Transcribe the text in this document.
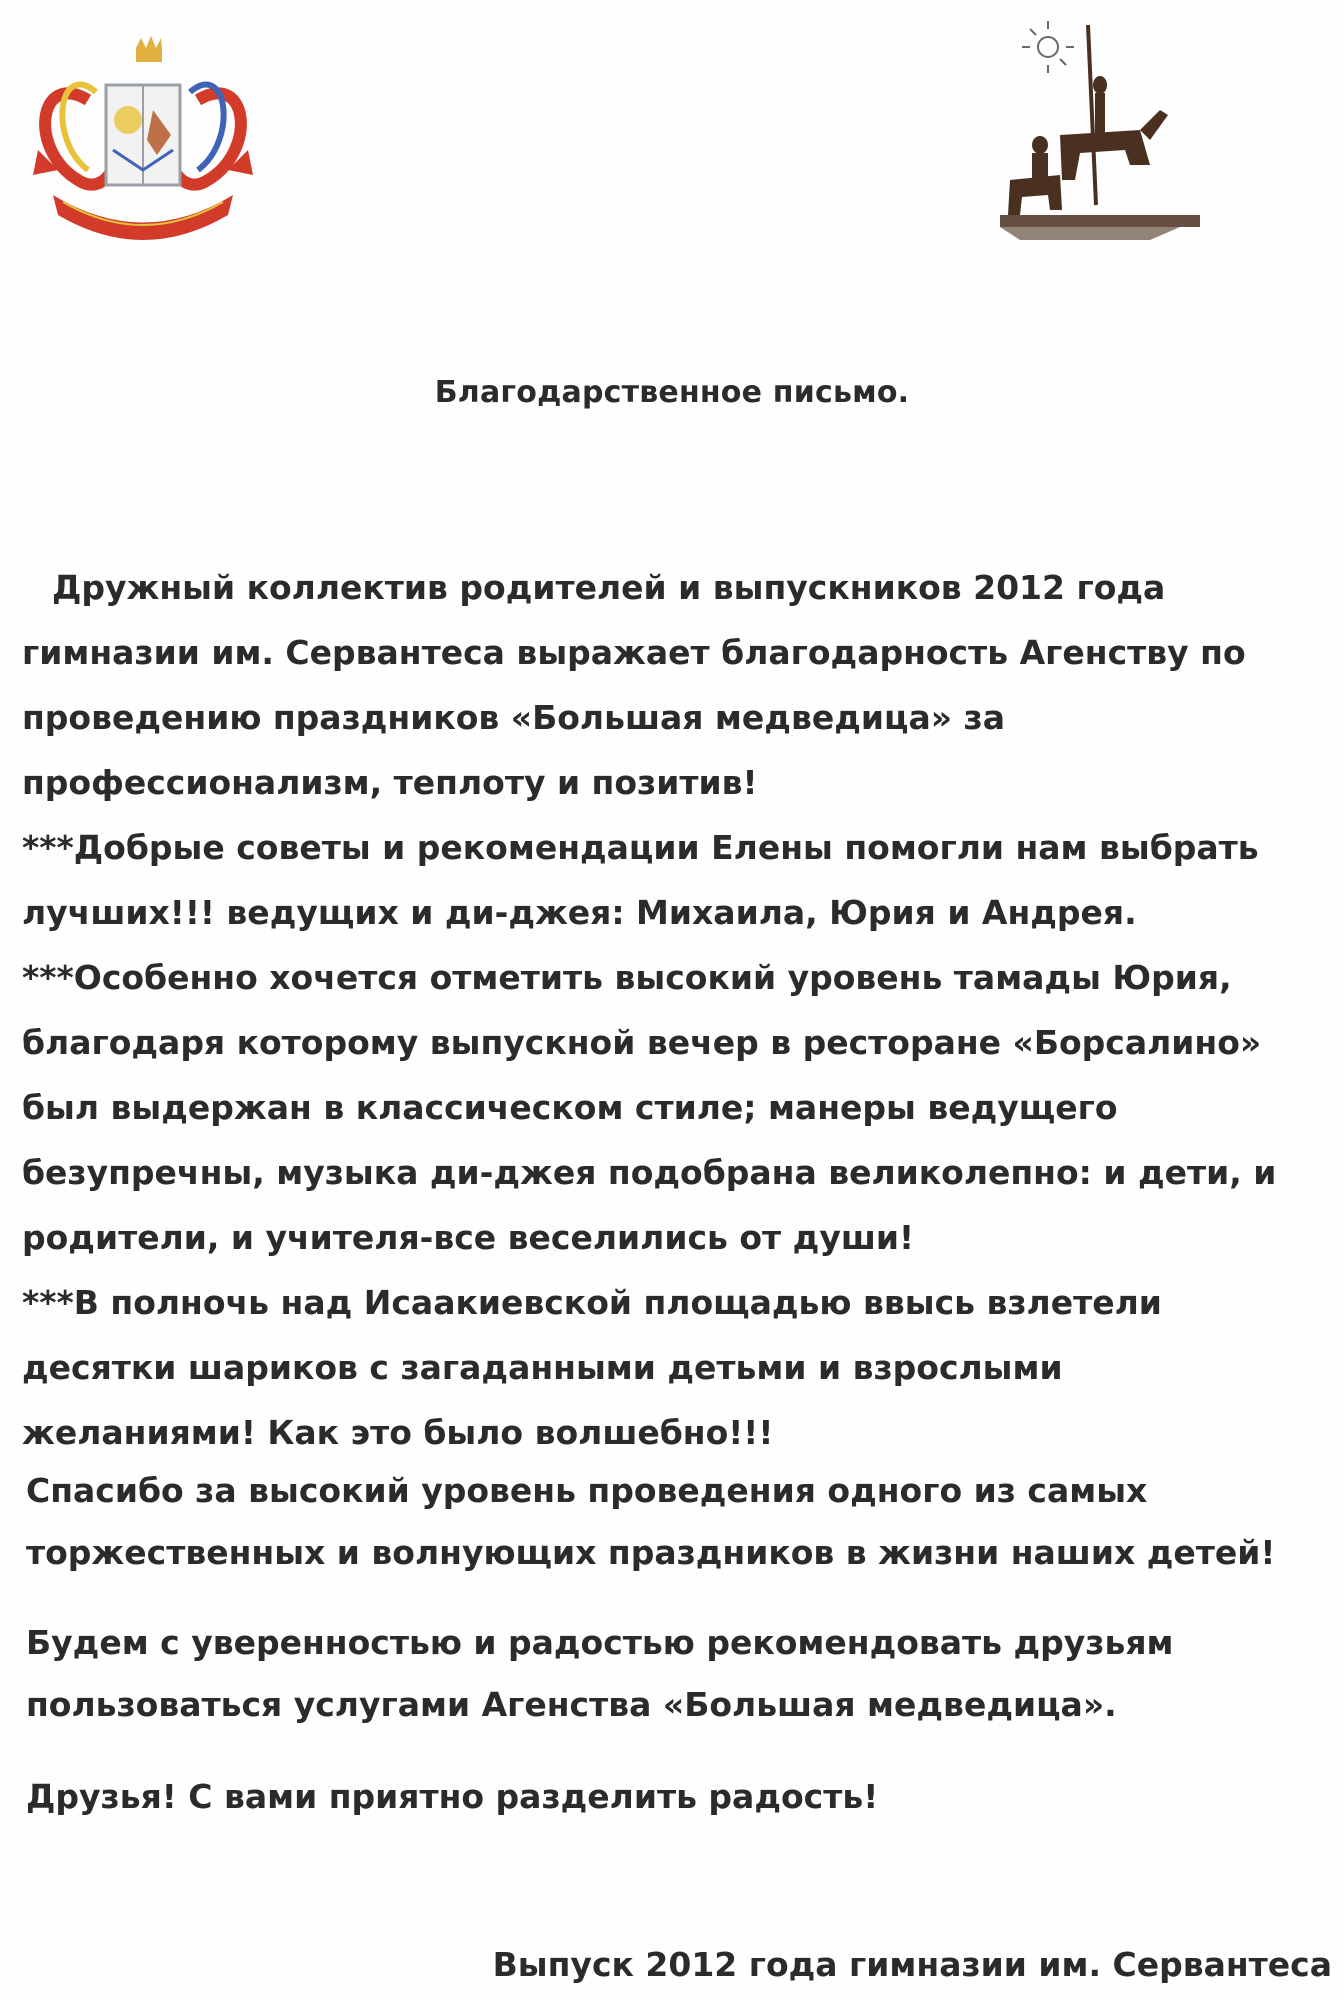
Благодарственное письмо.
Дружный коллектив родителей и выпускников 2012 года
гимназии им. Сервантеса выражает благодарность Агенству по
проведению праздников «Большая медведица» за
профессионализм, теплоту и позитив!
***Добрые советы и рекомендации Елены помогли нам выбрать
лучших!!! ведущих и ди-джея: Михаила, Юрия и Андрея.
***Особенно хочется отметить высокий уровень тамады Юрия,
благодаря которому выпускной вечер в ресторане «Борсалино»
был выдержан в классическом стиле; манеры ведущего
безупречны, музыка ди-джея подобрана великолепно: и дети, и
родители, и учителя-все веселились от души!
***В полночь над Исаакиевской площадью ввысь взлетели
десятки шариков с загаданными детьми и взрослыми
желаниями! Как это было волшебно!!!
Спасибо за высокий уровень проведения одного из самых
торжественных и волнующих праздников в жизни наших детей!
Будем с уверенностью и радостью рекомендовать друзьям
пользоваться услугами Агенства «Большая медведица».
Друзья! С вами приятно разделить радость!
Выпуск 2012 года гимназии им. Сервантеса
